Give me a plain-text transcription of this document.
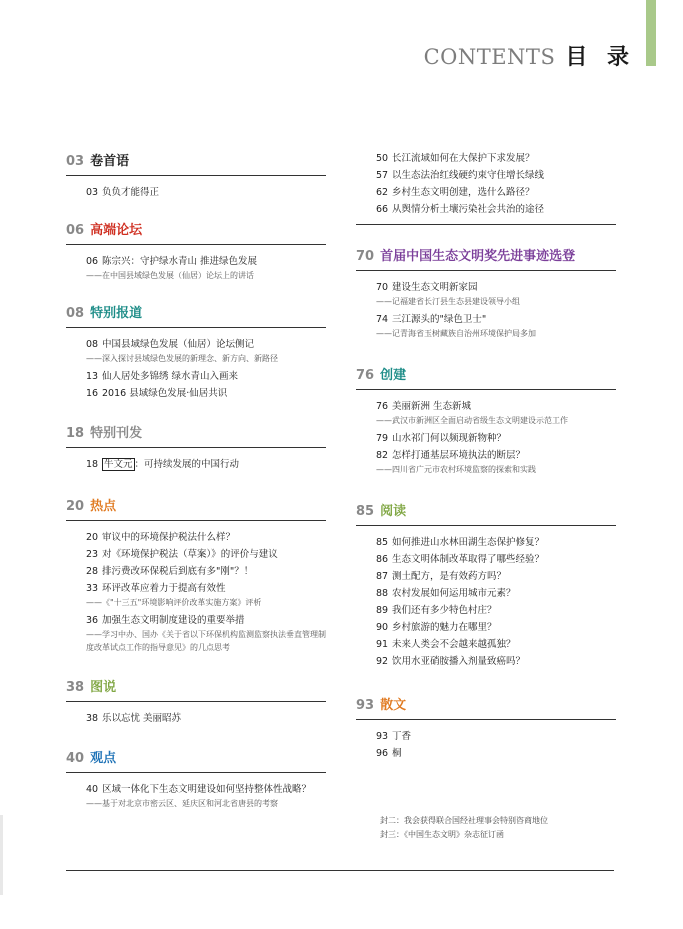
CONTENTS 目 录
03 卷首语
03 负负才能得正
06 高端论坛
06 陈宗兴：守护绿水青山 推进绿色发展
——在中国县域绿色发展（仙居）论坛上的讲话
08 特别报道
08 中国县域绿色发展（仙居）论坛侧记
——深入探讨县域绿色发展的新理念、新方向、新路径
13 仙人居处多锦绣 绿水青山入画来
16 2016 县域绿色发展·仙居共识
18 特别刊发
18 牛文元 ：可持续发展的中国行动
20 热点
20 审议中的环境保护税法什么样？
23 对《环境保护税法（草案）》的评价与建议
28 排污费改环保税后到底有多"刚"？！
33 环评改革应着力于提高有效性
——《"十三五"环境影响评价改革实施方案》评析
36 加强生态文明制度建设的重要举措
——学习中办、国办《关于省以下环保机构监测监察执法垂直管理制度改革试点工作的指导意见》的几点思考
38 图说
38 乐以忘忧 美丽昭苏
40 观点
40 区域一体化下生态文明建设如何坚持整体性战略？
——基于对北京市密云区、延庆区和河北省唐县的考察
50 长江流域如何在大保护下求发展？
57 以生态法治红线硬约束守住增长绿线
62 乡村生态文明创建，选什么路径？
66 从舆情分析土壤污染社会共治的途径
70 首届中国生态文明奖先进事迹选登
70 建设生态文明新家园
——记福建省长汀县生态县建设领导小组
74 三江源头的"绿色卫士"
——记青海省玉树藏族自治州环境保护局多加
76 创建
76 美丽新洲 生态新城
——武汉市新洲区全面启动省级生态文明建设示范工作
79 山水祁门何以频现新物种？
82 怎样打通基层环境执法的断层？
——四川省广元市农村环境监察的探索和实践
85 阅读
85 如何推进山水林田湖生态保护修复？
86 生态文明体制改革取得了哪些经验？
87 测土配方，是有效药方吗？
88 农村发展如何运用城市元素？
89 我们还有多少特色村庄？
90 乡村旅游的魅力在哪里？
91 未来人类会不会越来越孤独？
92 饮用水亚硝胺播入剂量致癌吗？
93 散文
93 丁香
96 桐
封二：我会获得联合国经社理事会特别咨商地位
封三：《中国生态文明》杂志征订函
